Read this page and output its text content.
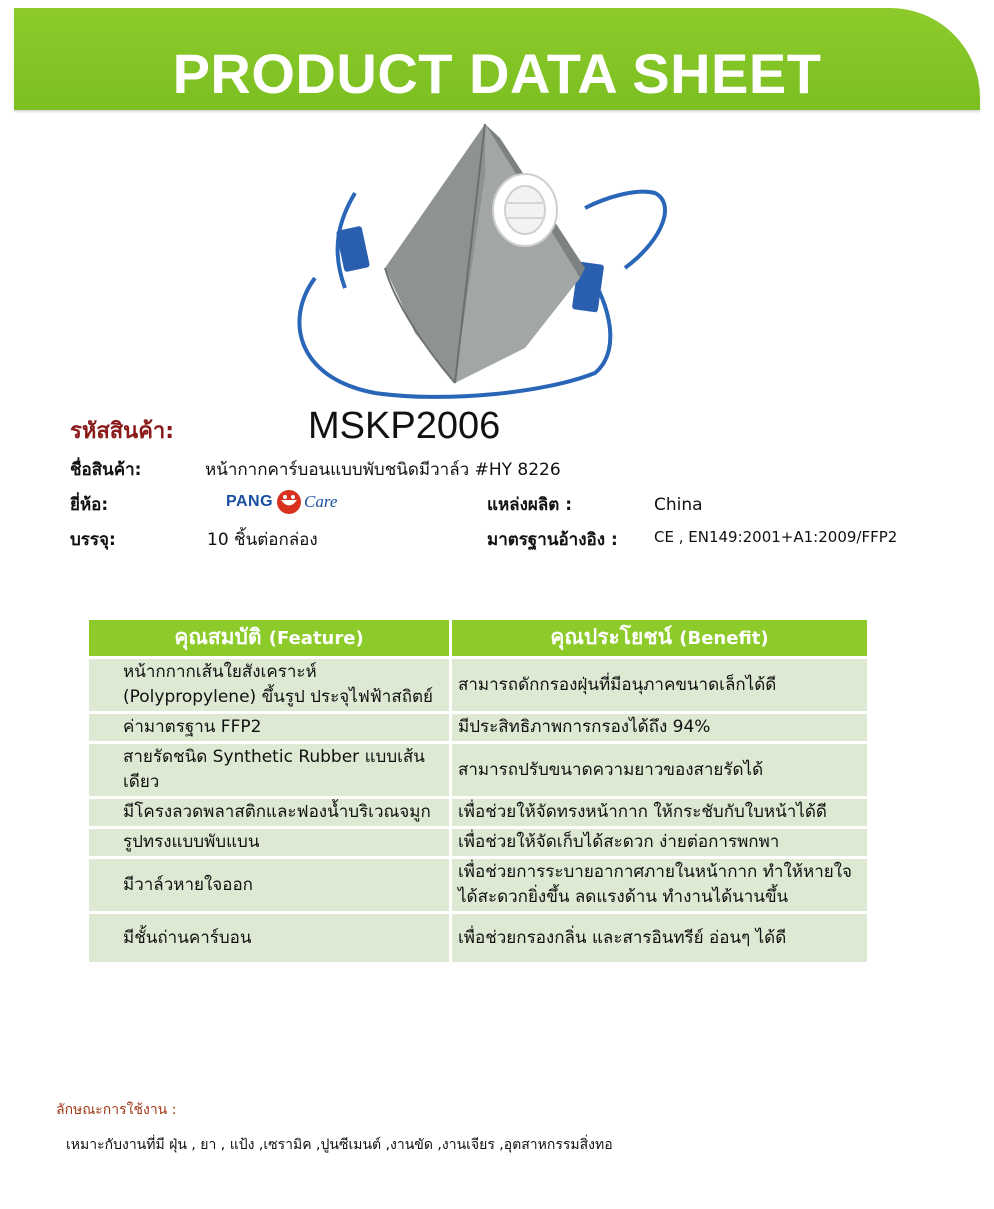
PRODUCT DATA SHEET
รหัสสินค้า:	MSKP2006
ชื่อสินค้า:	หน้ากากคาร์บอนแบบพับชนิดมีวาล์ว #HY 8226
ยี่ห้อ:	PANG Care	แหล่งผลิต :	China
บรรจุ:	10 ชิ้นต่อกล่อง	มาตรฐานอ้างอิง : CE , EN149:2001+A1:2009/FFP2
คุณสมบัติ (Feature)	คุณประโยชน์ (Benefit)
หน้ากกากเส้นใยสังเคราะห์ (Polypropylene) ขึ้นรูป ประจุไฟฟ้าสถิตย์	สามารถดักกรองฝุ่นที่มีอนุภาคขนาดเล็กได้ดี
ค่ามาตรฐาน FFP2	มีประสิทธิภาพการกรองได้ถึง 94%
สายรัดชนิด Synthetic Rubber แบบเส้นเดียว	สามารถปรับขนาดความยาวของสายรัดได้
มีโครงลวดพลาสติกและฟองน้ำบริเวณจมูก	เพื่อช่วยให้จัดทรงหน้ากาก ให้กระชับกับใบหน้าได้ดี
รูปทรงแบบพับแบน	เพื่อช่วยให้จัดเก็บได้สะดวก ง่ายต่อการพกพา
มีวาล์วหายใจออก	เพื่อช่วยการระบายอากาศภายในหน้ากาก ทำให้หายใจได้สะดวกยิ่งขึ้น ลดแรงด้าน ทำงานได้นานขึ้น
มีชั้นถ่านคาร์บอน	เพื่อช่วยกรองกลิ่น และสารอินทรีย์ อ่อนๆ ได้ดี
ลักษณะการใช้งาน :
เหมาะกับงานที่มี ฝุ่น , ยา , แป้ง ,เซรามิค ,ปูนซีเมนต์ ,งานขัด ,งานเจียร ,อุตสาหกรรมสิ่งทอ
